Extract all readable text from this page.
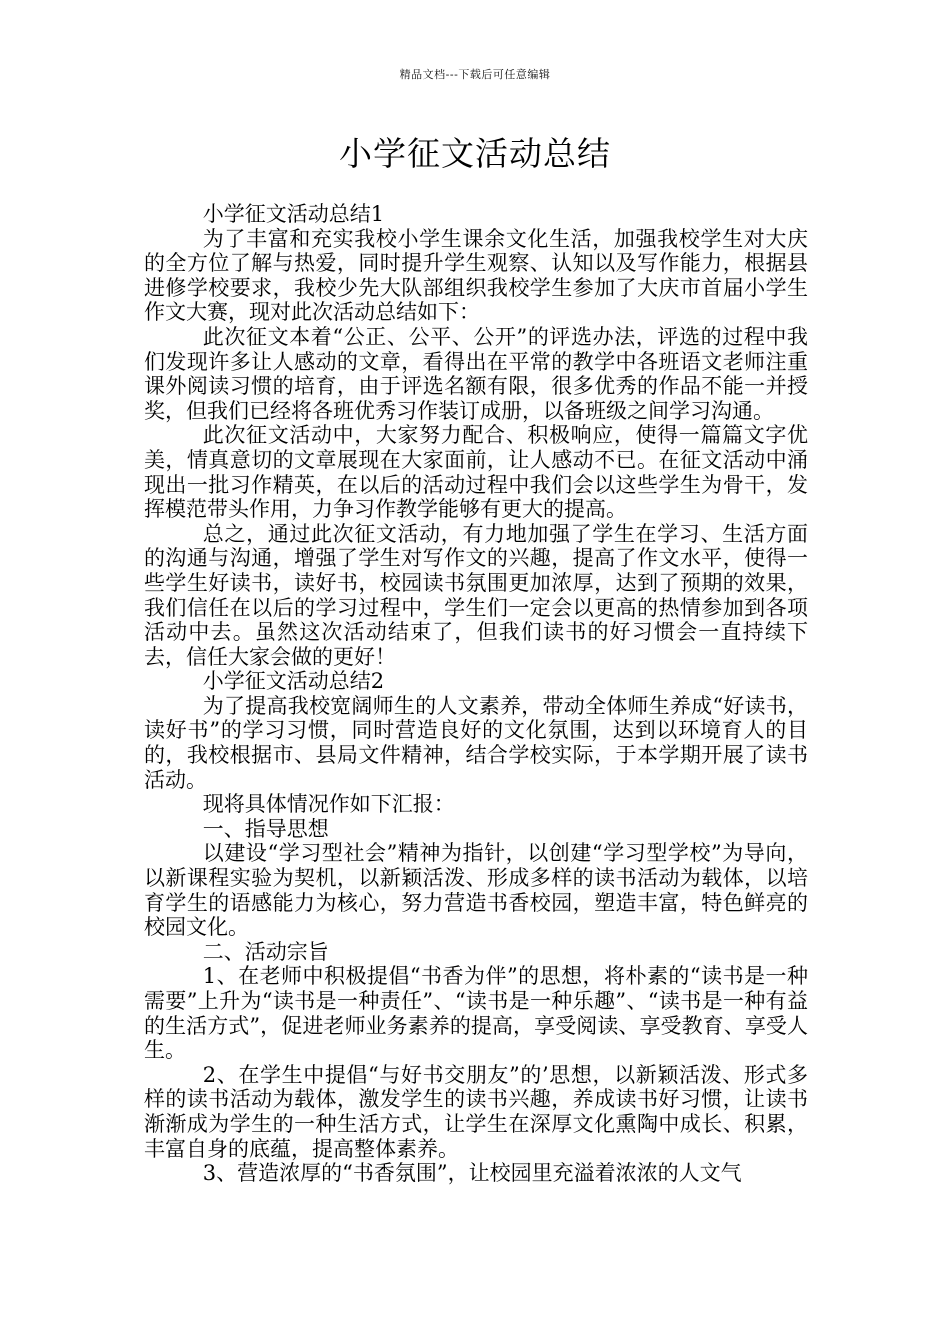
精品文档---下载后可任意编辑
小学征文活动总结

小学征文活动总结1

为了丰富和充实我校小学生课余文化生活，加强我校学生对大庆的全方位了解与热爱，同时提升学生观察、认知以及写作能力，根据县进修学校要求，我校少先大队部组织我校学生参加了大庆市首届小学生作文大赛，现对此次活动总结如下：

此次征文本着“公正、公平、公开”的评选办法，评选的过程中我们发现许多让人感动的文章，看得出在平常的教学中各班语文老师注重课外阅读习惯的培育，由于评选名额有限，很多优秀的作品不能一并授奖，但我们已经将各班优秀习作装订成册，以备班级之间学习沟通。

此次征文活动中，大家努力配合、积极响应，使得一篇篇文字优美，情真意切的文章展现在大家面前，让人感动不已。在征文活动中涌现出一批习作精英，在以后的活动过程中我们会以这些学生为骨干，发挥模范带头作用，力争习作教学能够有更大的提高。

总之，通过此次征文活动，有力地加强了学生在学习、生活方面的沟通与沟通，增强了学生对写作文的兴趣，提高了作文水平，使得一些学生好读书，读好书，校园读书氛围更加浓厚，达到了预期的效果，我们信任在以后的学习过程中，学生们一定会以更高的热情参加到各项活动中去。虽然这次活动结束了，但我们读书的好习惯会一直持续下去，信任大家会做的更好！

小学征文活动总结2

为了提高我校宽阔师生的人文素养，带动全体师生养成“好读书，读好书”的学习习惯，同时营造良好的文化氛围，达到以环境育人的目的，我校根据市、县局文件精神，结合学校实际，于本学期开展了读书活动。

现将具体情况作如下汇报：

一、指导思想

以建设“学习型社会”精神为指针，以创建“学习型学校”为导向，以新课程实验为契机，以新颖活泼、形成多样的读书活动为载体，以培育学生的语感能力为核心，努力营造书香校园，塑造丰富，特色鲜亮的校园文化。

二、活动宗旨

1、在老师中积极提倡“书香为伴”的思想，将朴素的“读书是一种需要”上升为“读书是一种责任”、“读书是一种乐趣”、“读书是一种有益的生活方式”，促进老师业务素养的提高，享受阅读、享受教育、享受人生。

2、在学生中提倡“与好书交朋友”的’思想，以新颖活泼、形式多样的读书活动为载体，激发学生的读书兴趣，养成读书好习惯，让读书渐渐成为学生的一种生活方式，让学生在深厚文化熏陶中成长、积累，丰富自身的底蕴，提高整体素养。

3、营造浓厚的“书香氛围”，让校园里充溢着浓浓的人文气
